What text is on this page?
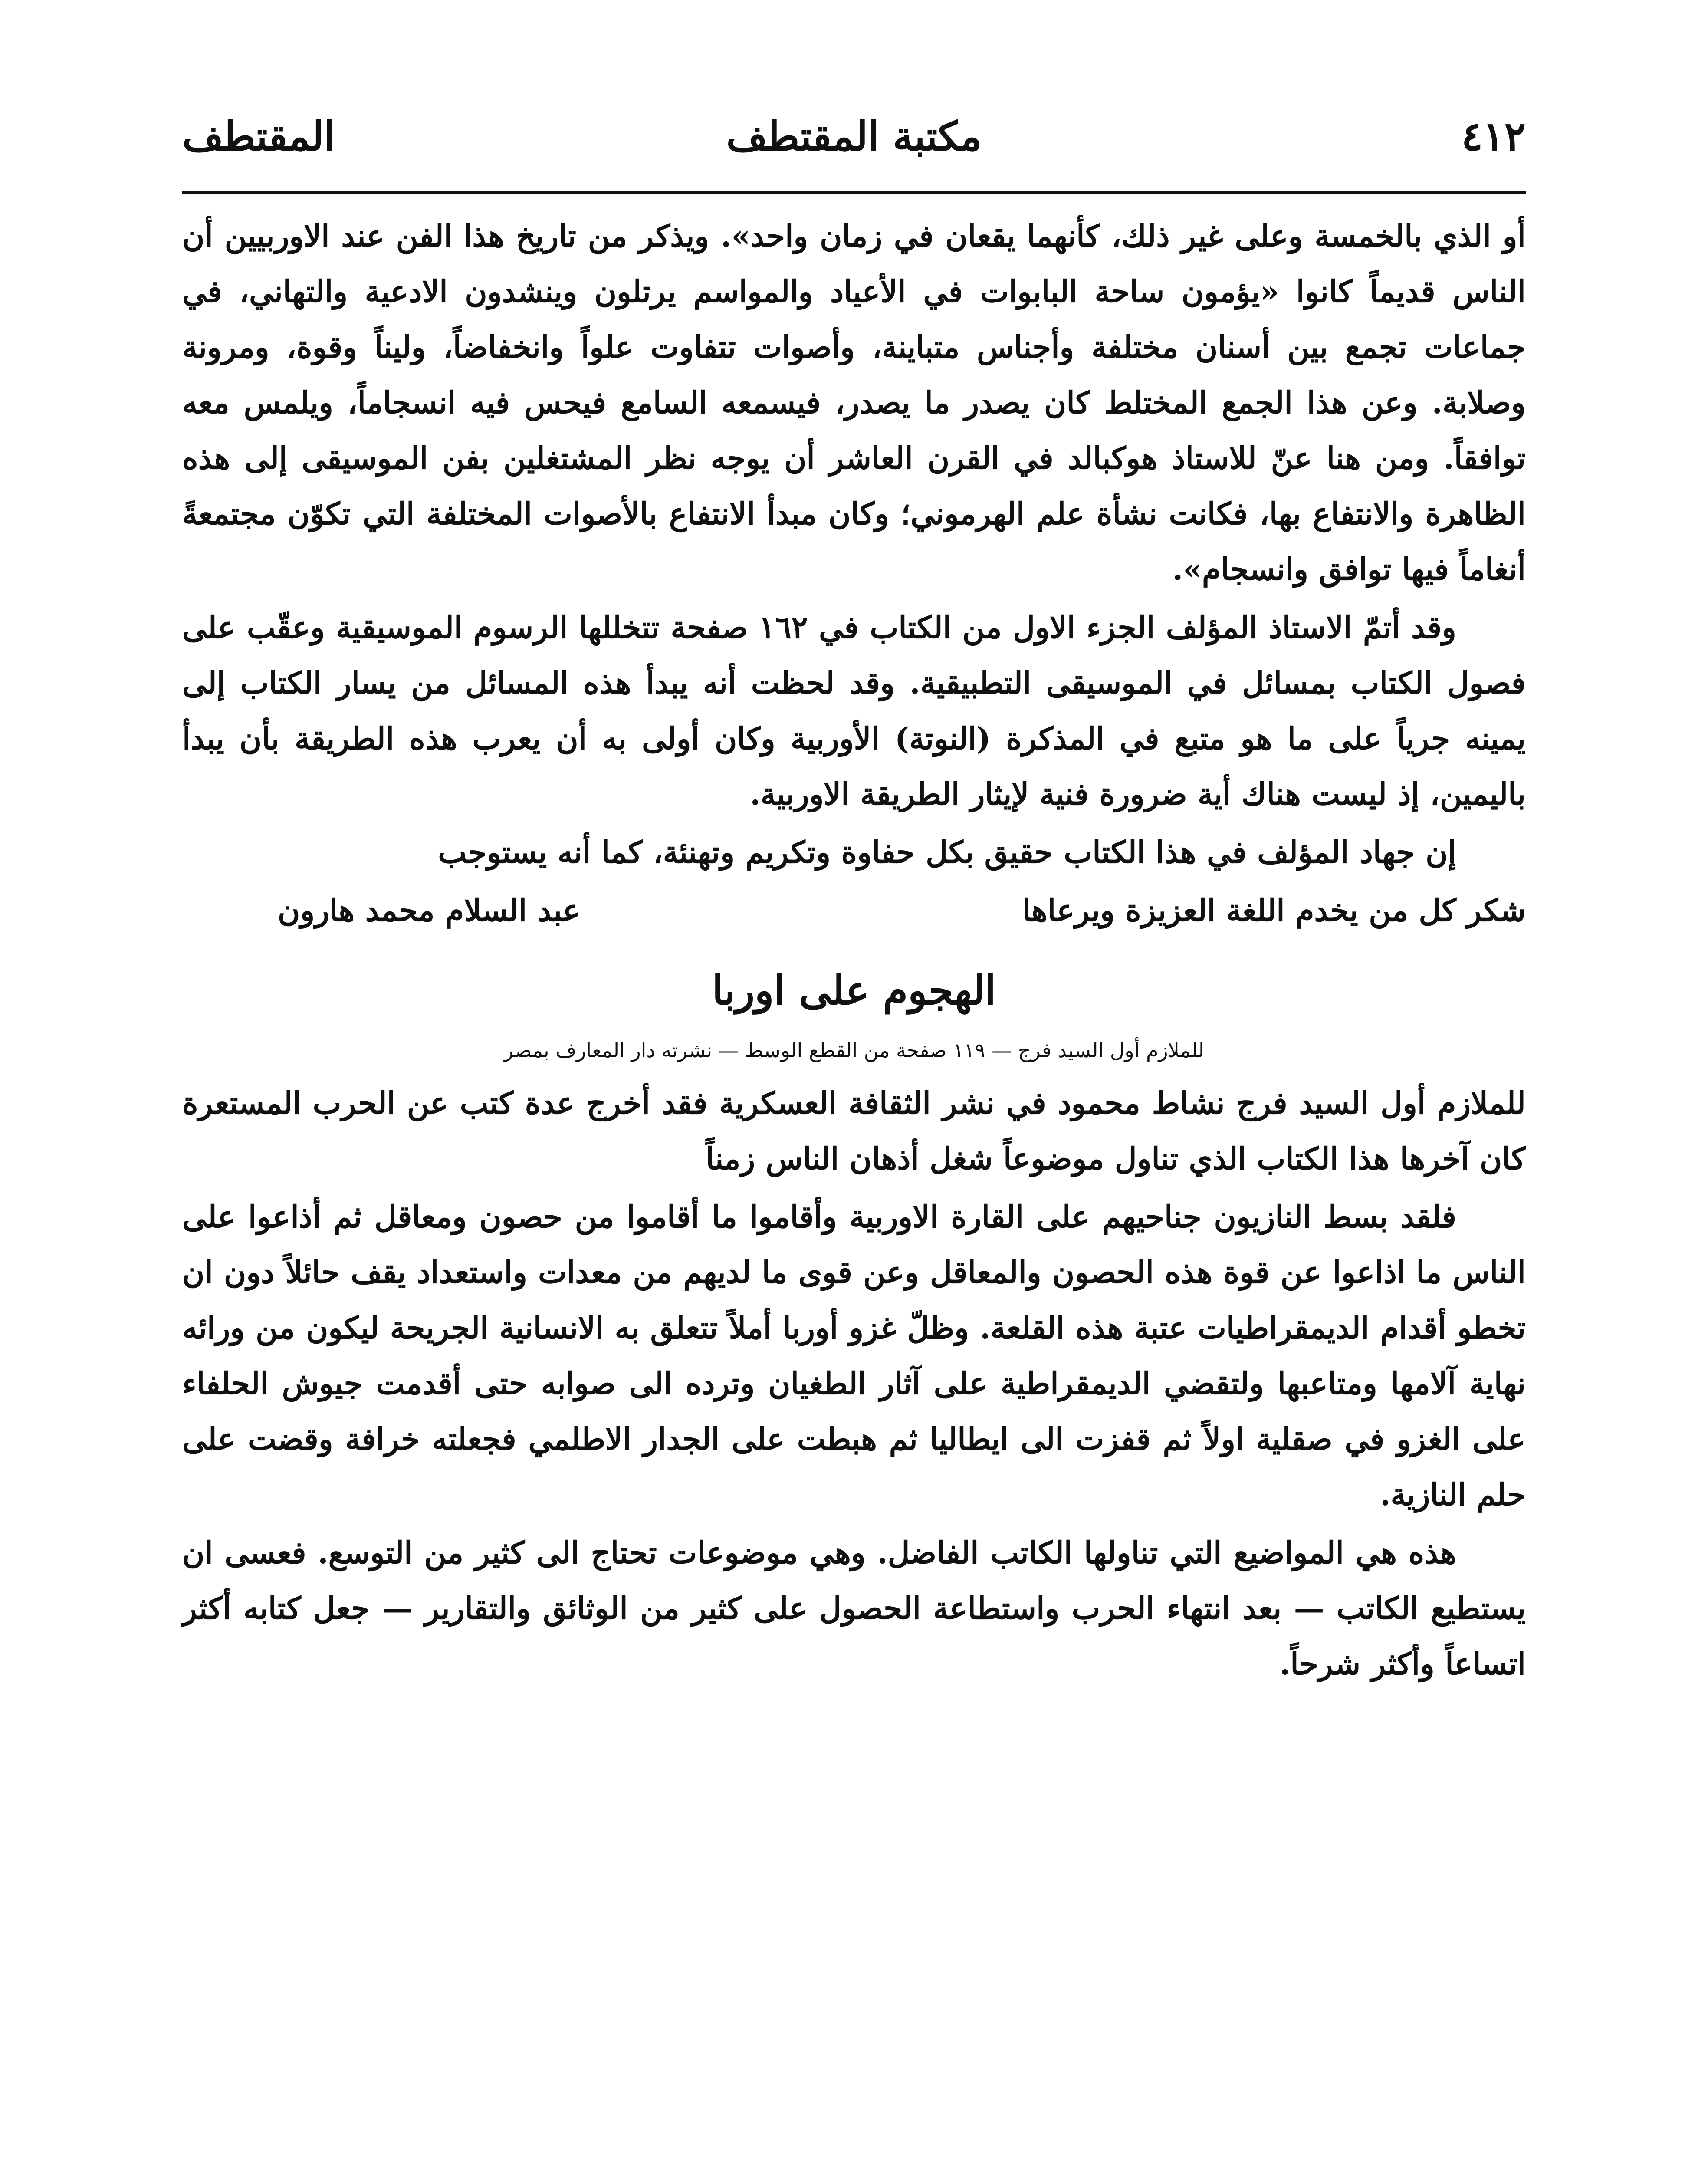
٤١٢
مكتبة المقتطف
المقتطف

أو الذي بالخمسة وعلى غير ذلك، كأنهما يقعان في زمان واحد». ويذكر من تاريخ هذا الفن عند الاوربيين أن الناس قديماً كانوا «يؤمون ساحة البابوات في الأعياد والمواسم يرتلون وينشدون الادعية والتهاني، في جماعات تجمع بين أسنان مختلفة وأجناس متباينة، وأصوات تتفاوت علواً وانخفاضاً، وليناً وقوة، ومرونة وصلابة. وعن هذا الجمع المختلط كان يصدر ما يصدر، فيسمعه السامع فيحس فيه انسجاماً، ويلمس معه توافقاً. ومن هنا عنّ للاستاذ هوكبالد في القرن العاشر أن يوجه نظر المشتغلين بفن الموسيقى إلى هذه الظاهرة والانتفاع بها، فكانت نشأة علم الهرموني؛ وكان مبدأ الانتفاع بالأصوات المختلفة التي تكوّن مجتمعةً أنغاماً فيها توافق وانسجام».

وقد أتمّ الاستاذ المؤلف الجزء الاول من الكتاب في ١٦٢ صفحة تتخللها الرسوم الموسيقية وعقّب على فصول الكتاب بمسائل في الموسيقى التطبيقية. وقد لحظت أنه يبدأ هذه المسائل من يسار الكتاب إلى يمينه جرياً على ما هو متبع في المذكرة (النوتة) الأوربية وكان أولى به أن يعرب هذه الطريقة بأن يبدأ باليمين، إذ ليست هناك أية ضرورة فنية لإيثار الطريقة الاوربية.

إن جهاد المؤلف في هذا الكتاب حقيق بكل حفاوة وتكريم وتهنئة، كما أنه يستوجب

شكر كل من يخدم اللغة العزيزة ويرعاها
عبد السلام محمد هارون
الهجوم على اوربا
للملازم أول السيد فرج — ١١٩ صفحة من القطع الوسط — نشرته دار المعارف بمصر

للملازم أول السيد فرج نشاط محمود في نشر الثقافة العسكرية فقد أخرج عدة كتب عن الحرب المستعرة كان آخرها هذا الكتاب الذي تناول موضوعاً شغل أذهان الناس زمناً

فلقد بسط النازيون جناحيهم على القارة الاوربية وأقاموا ما أقاموا من حصون ومعاقل ثم أذاعوا على الناس ما اذاعوا عن قوة هذه الحصون والمعاقل وعن قوى ما لديهم من معدات واستعداد يقف حائلاً دون ان تخطو أقدام الديمقراطيات عتبة هذه القلعة. وظلّ غزو أوربا أملاً تتعلق به الانسانية الجريحة ليكون من ورائه نهاية آلامها ومتاعبها ولتقضي الديمقراطية على آثار الطغيان وترده الى صوابه حتى أقدمت جيوش الحلفاء على الغزو في صقلية اولاً ثم قفزت الى ايطاليا ثم هبطت على الجدار الاطلمي فجعلته خرافة وقضت على حلم النازية.

هذه هي المواضيع التي تناولها الكاتب الفاضل. وهي موضوعات تحتاج الى كثير من التوسع. فعسى ان يستطيع الكاتب — بعد انتهاء الحرب واستطاعة الحصول على كثير من الوثائق والتقارير — جعل كتابه أكثر اتساعاً وأكثر شرحاً.
